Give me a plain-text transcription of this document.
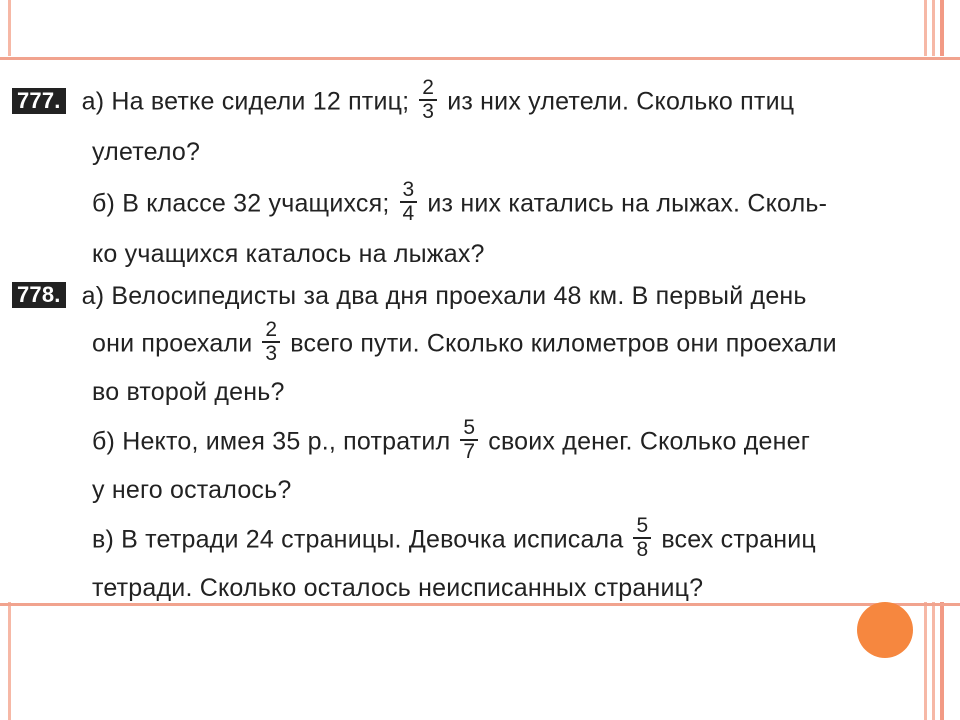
777. а) На ветке сидели 12 птиц; $\frac{2}{3}$ из них улетели. Сколько птиц
улетело?
б) В классе 32 учащихся; $\frac{3}{4}$ из них катались на лыжах. Сколь-
ко учащихся каталось на лыжах?
778. а) Велосипедисты за два дня проехали 48 км. В первый день
они проехали $\frac{2}{3}$ всего пути. Сколько километров они проехали
во второй день?
б) Некто, имея 35 р., потратил $\frac{5}{7}$ своих денег. Сколько денег
у него осталось?
в) В тетради 24 страницы. Девочка исписала $\frac{5}{8}$ всех страниц
тетради. Сколько осталось неисписанных страниц?
